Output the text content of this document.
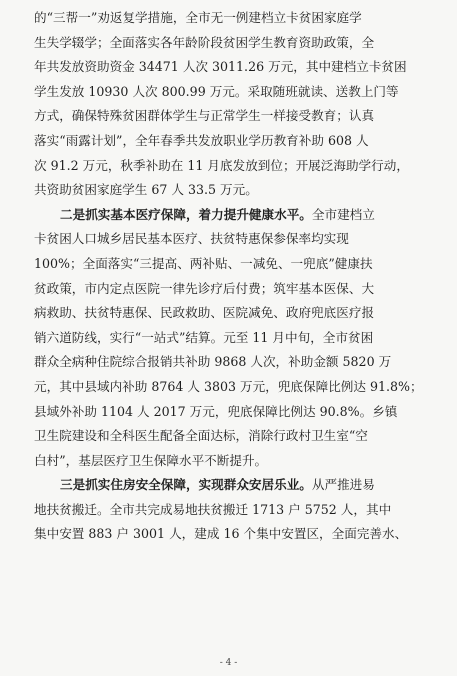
的“三帮一”劝返复学措施，全市无一例建档立卡贫困家庭学
生失学辍学；全面落实各年龄阶段贫困学生教育资助政策，全
年共发放资助资金 34471 人次 3011.26 万元，其中建档立卡贫困
学生发放 10930 人次 800.99 万元。采取随班就读、送教上门等
方式，确保特殊贫困群体学生与正常学生一样接受教育；认真
落实“雨露计划”，全年春季共发放职业学历教育补助 608 人
次 91.2 万元，秋季补助在 11 月底发放到位；开展泛海助学行动，
共资助贫困家庭学生 67 人 33.5 万元。
二是抓实基本医疗保障，着力提升健康水平。全市建档立
卡贫困人口城乡居民基本医疗、扶贫特惠保参保率均实现
100%；全面落实“三提高、两补贴、一减免、一兜底”健康扶
贫政策，市内定点医院一律先诊疗后付费；筑牢基本医保、大
病救助、扶贫特惠保、民政救助、医院减免、政府兜底医疗报
销六道防线，实行“一站式”结算。元至 11 月中旬，全市贫困
群众全病种住院综合报销共补助 9868 人次，补助金额 5820 万
元，其中县域内补助 8764 人 3803 万元，兜底保障比例达 91.8%；
县域外补助 1104 人 2017 万元，兜底保障比例达 90.8%。乡镇
卫生院建设和全科医生配备全面达标，消除行政村卫生室“空
白村”，基层医疗卫生保障水平不断提升。
三是抓实住房安全保障，实现群众安居乐业。从严推进易
地扶贫搬迁。全市共完成易地扶贫搬迁 1713 户 5752 人，其中
集中安置 883 户 3001 人，建成 16 个集中安置区，全面完善水、
- 4 -
